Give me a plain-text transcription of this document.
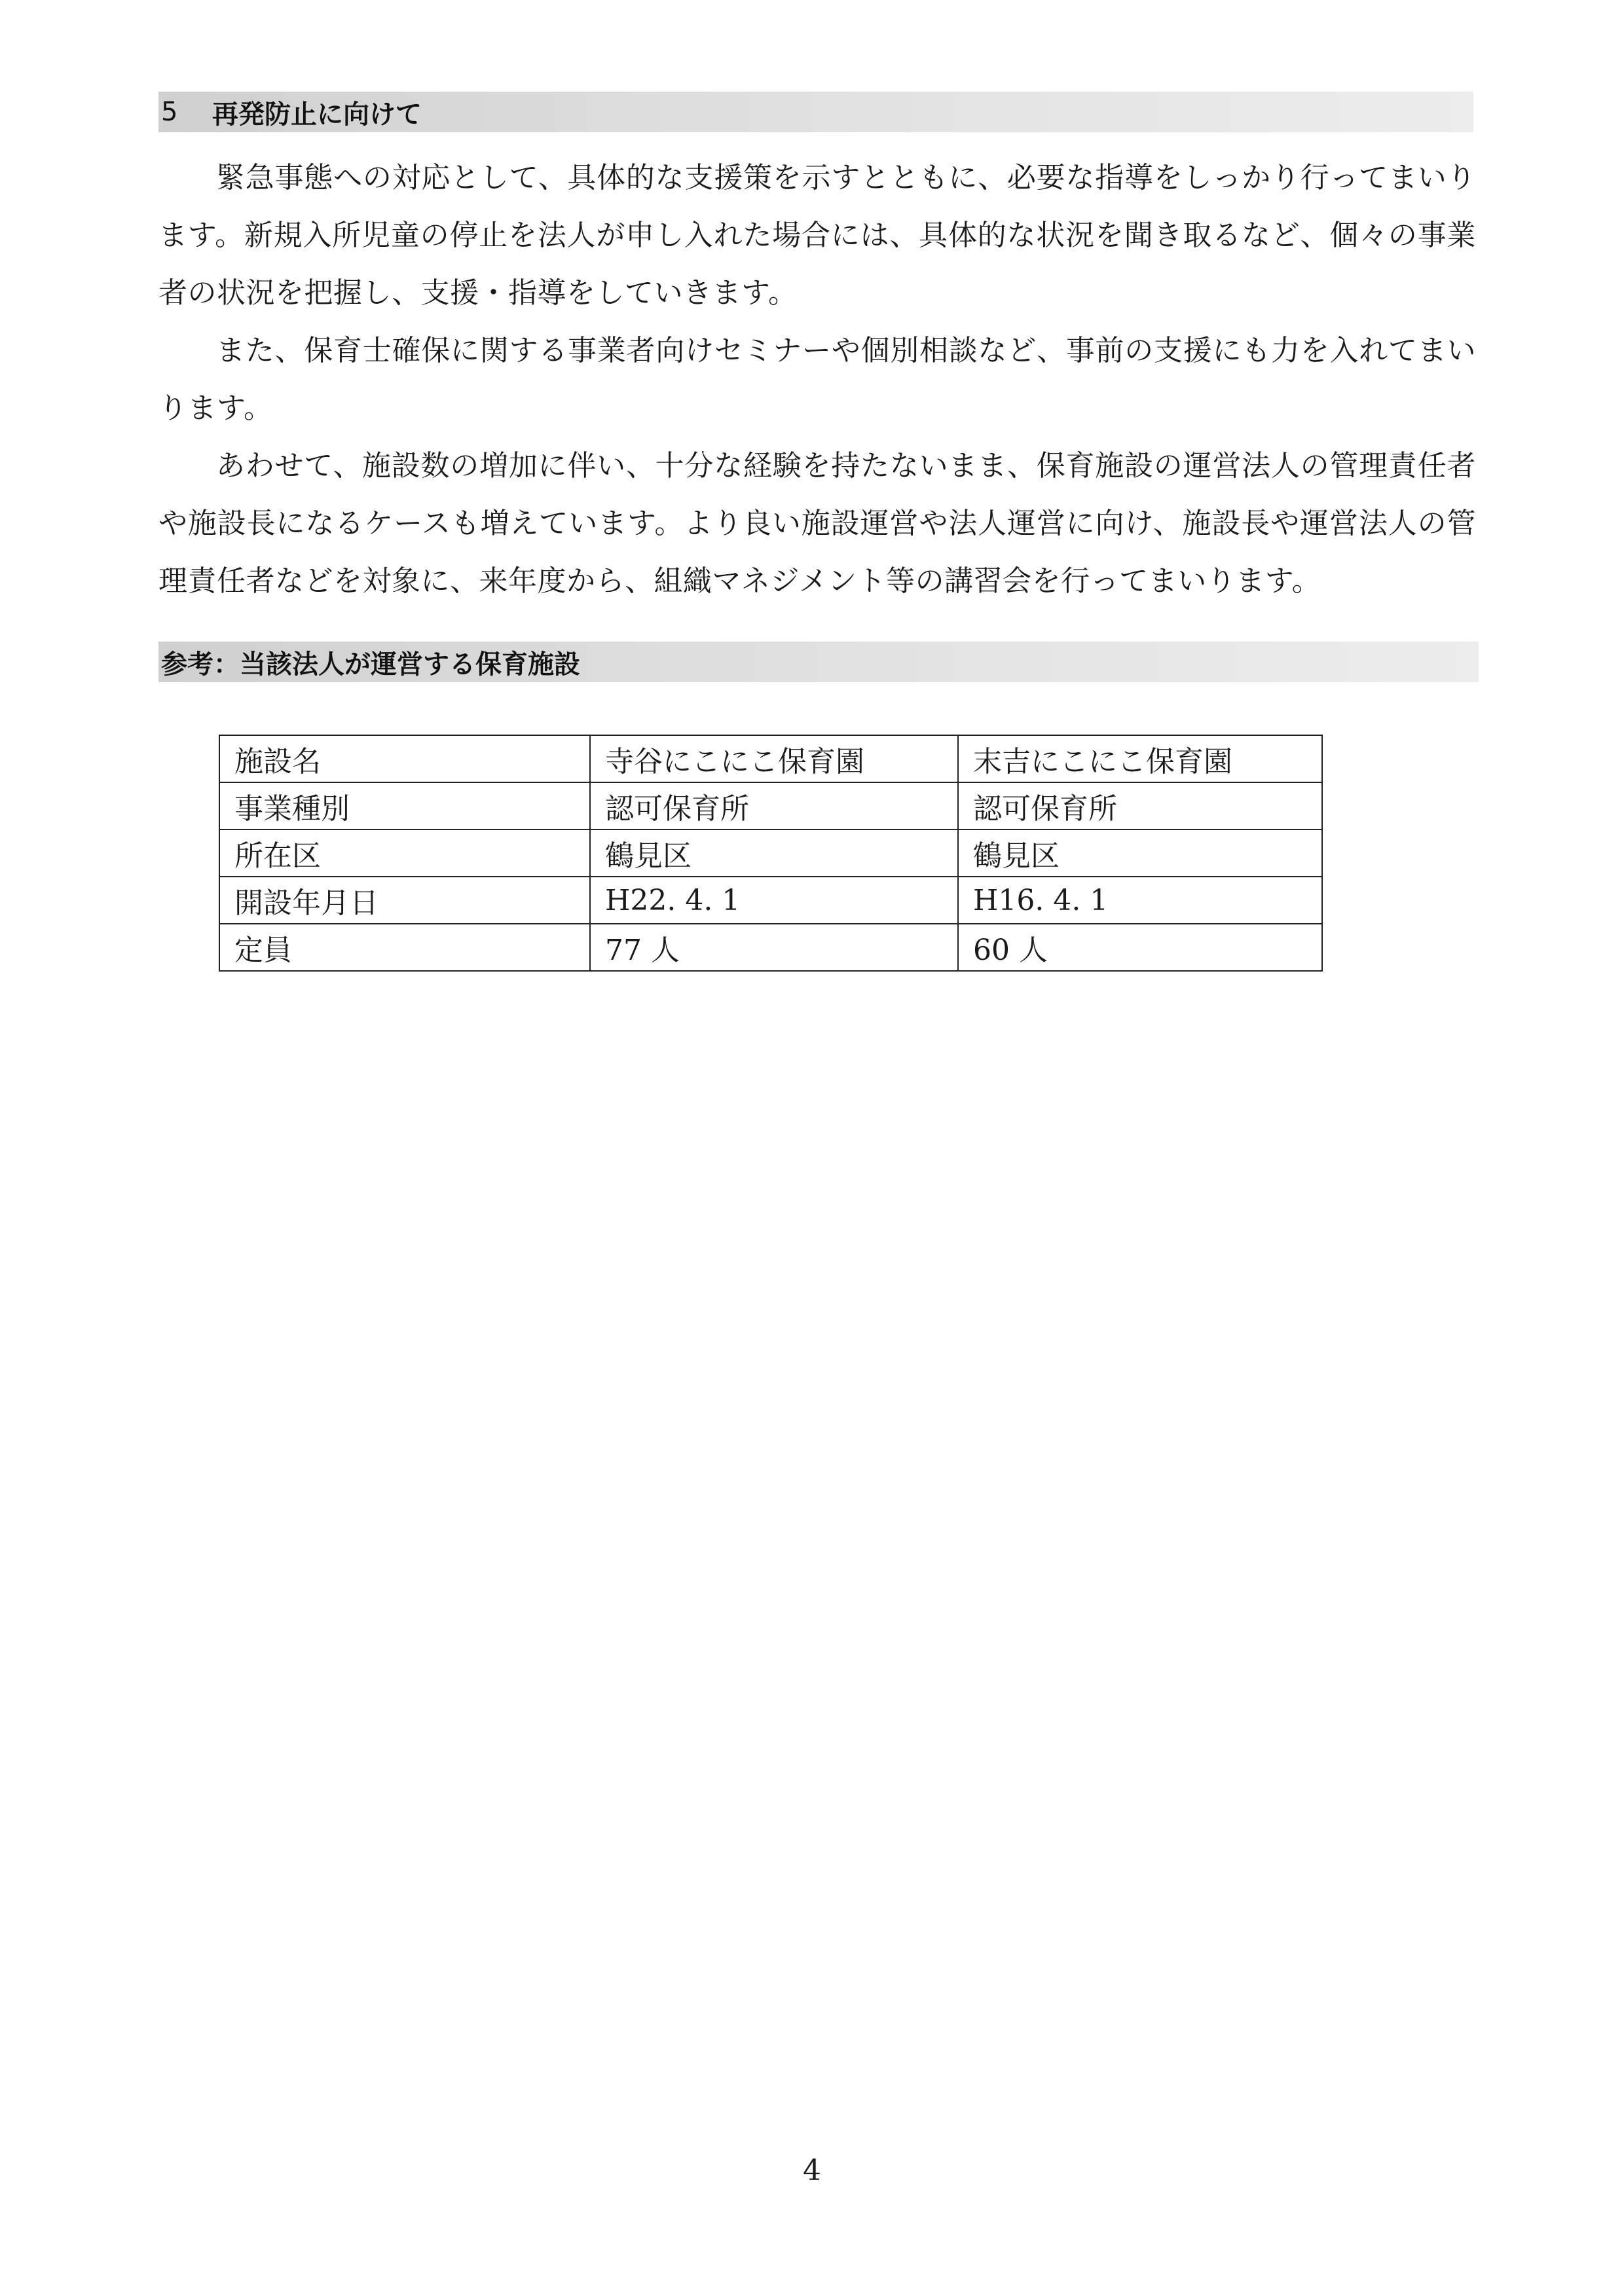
5	再発防止に向けて

緊急事態への対応として、具体的な支援策を示すとともに、必要な指導をしっかり行ってまいります。新規入所児童の停止を法人が申し入れた場合には、具体的な状況を聞き取るなど、個々の事業者の状況を把握し、支援・指導をしていきます。

また、保育士確保に関する事業者向けセミナーや個別相談など、事前の支援にも力を入れてまいります。

あわせて、施設数の増加に伴い、十分な経験を持たないまま、保育施設の運営法人の管理責任者や施設長になるケースも増えています。より良い施設運営や法人運営に向け、施設長や運営法人の管理責任者などを対象に、来年度から、組織マネジメント等の講習会を行ってまいります。

参考：当該法人が運営する保育施設
施設名	寺谷にこにこ保育園	末吉にこにこ保育園
事業種別	認可保育所	認可保育所
所在区	鶴見区	鶴見区
開設年月日	H22. 4. 1	H16. 4. 1
定員	77 人	60 人
4
